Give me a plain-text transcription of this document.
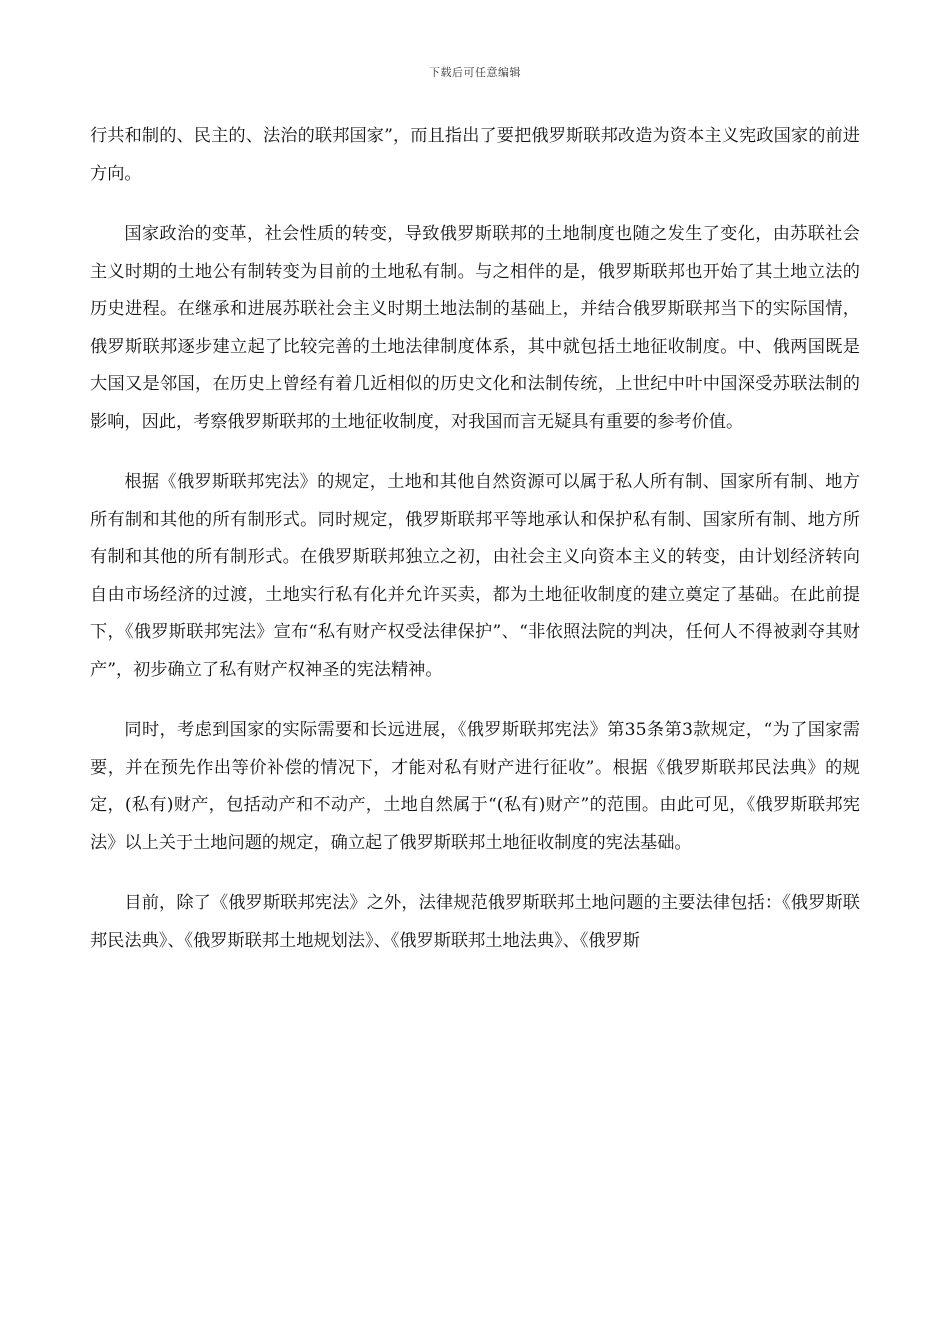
下载后可任意编辑

行共和制的、民主的、法治的联邦国家”，而且指出了要把俄罗斯联邦改造为资本主义宪政国家的前进方向。

国家政治的变革，社会性质的转变，导致俄罗斯联邦的土地制度也随之发生了变化，由苏联社会主义时期的土地公有制转变为目前的土地私有制。与之相伴的是，俄罗斯联邦也开始了其土地立法的历史进程。在继承和进展苏联社会主义时期土地法制的基础上，并结合俄罗斯联邦当下的实际国情，俄罗斯联邦逐步建立起了比较完善的土地法律制度体系，其中就包括土地征收制度。中、俄两国既是大国又是邻国，在历史上曾经有着几近相似的历史文化和法制传统，上世纪中叶中国深受苏联法制的影响，因此，考察俄罗斯联邦的土地征收制度，对我国而言无疑具有重要的参考价值。

根据《俄罗斯联邦宪法》的规定，土地和其他自然资源可以属于私人所有制、国家所有制、地方所有制和其他的所有制形式。同时规定，俄罗斯联邦平等地承认和保护私有制、国家所有制、地方所有制和其他的所有制形式。在俄罗斯联邦独立之初，由社会主义向资本主义的转变，由计划经济转向自由市场经济的过渡，土地实行私有化并允许买卖，都为土地征收制度的建立奠定了基础。在此前提下，《俄罗斯联邦宪法》宣布“私有财产权受法律保护”、“非依照法院的判决，任何人不得被剥夺其财产”，初步确立了私有财产权神圣的宪法精神。

同时，考虑到国家的实际需要和长远进展，《俄罗斯联邦宪法》第35条第3款规定，“为了国家需要，并在预先作出等价补偿的情况下，才能对私有财产进行征收”。根据《俄罗斯联邦民法典》的规定，(私有)财产，包括动产和不动产，土地自然属于“(私有)财产”的范围。由此可见，《俄罗斯联邦宪法》以上关于土地问题的规定，确立起了俄罗斯联邦土地征收制度的宪法基础。

目前，除了《俄罗斯联邦宪法》之外，法律规范俄罗斯联邦土地问题的主要法律包括：《俄罗斯联邦民法典》、《俄罗斯联邦土地规划法》、《俄罗斯联邦土地法典》、《俄罗斯
